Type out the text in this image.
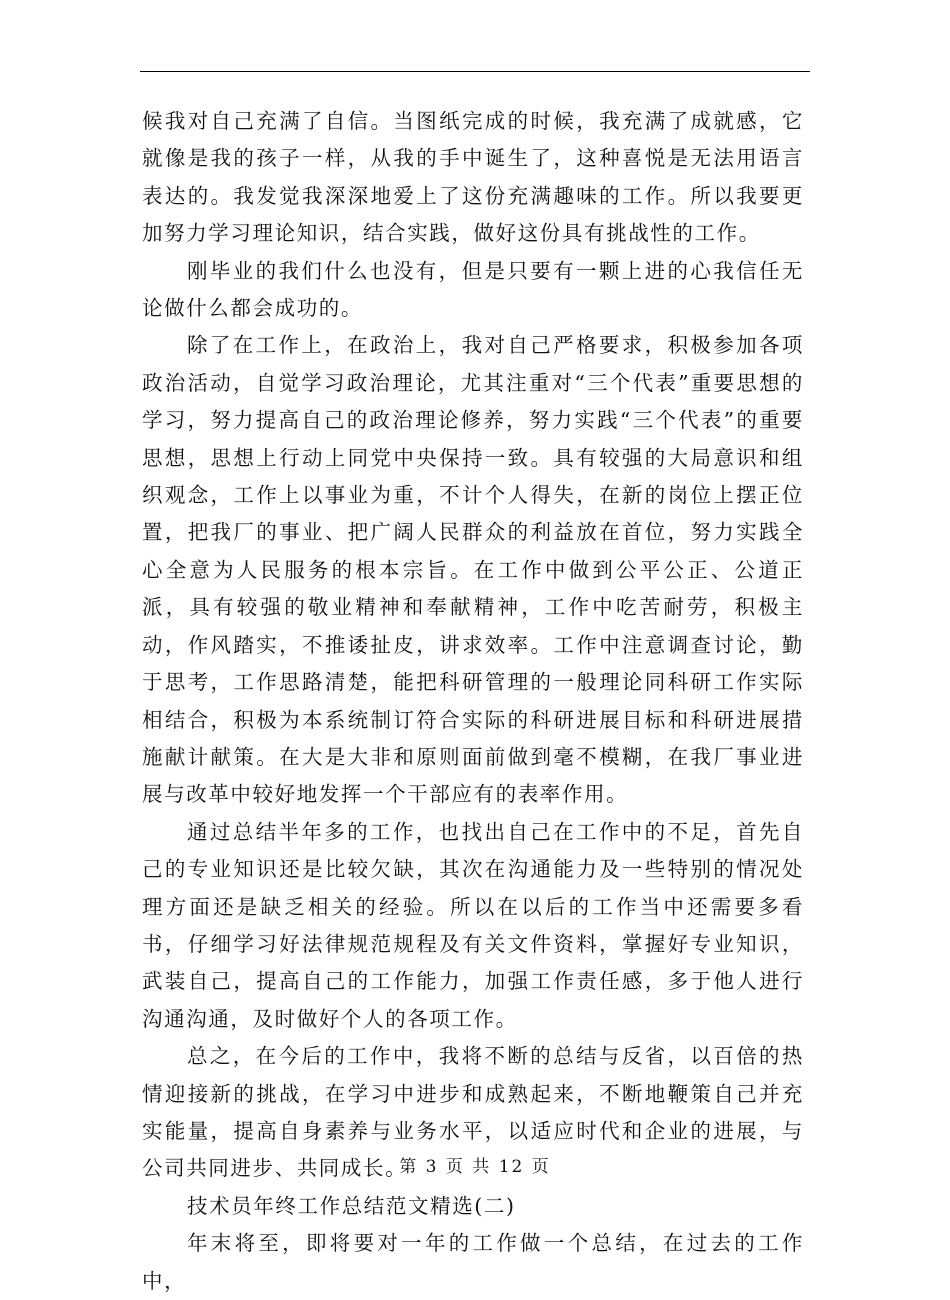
候我对自己充满了自信。当图纸完成的时候，我充满了成就感，它就像是我的孩子一样，从我的手中诞生了，这种喜悦是无法用语言表达的。我发觉我深深地爱上了这份充满趣味的工作。所以我要更加努力学习理论知识，结合实践，做好这份具有挑战性的工作。

刚毕业的我们什么也没有，但是只要有一颗上进的心我信任无论做什么都会成功的。

除了在工作上，在政治上，我对自己严格要求，积极参加各项政治活动，自觉学习政治理论，尤其注重对“三个代表”重要思想的学习，努力提高自己的政治理论修养，努力实践“三个代表”的重要思想，思想上行动上同党中央保持一致。具有较强的大局意识和组织观念，工作上以事业为重，不计个人得失，在新的岗位上摆正位置，把我厂的事业、把广阔人民群众的利益放在首位，努力实践全心全意为人民服务的根本宗旨。在工作中做到公平公正、公道正派，具有较强的敬业精神和奉献精神，工作中吃苦耐劳，积极主动，作风踏实，不推诿扯皮，讲求效率。工作中注意调查讨论，勤于思考，工作思路清楚，能把科研管理的一般理论同科研工作实际相结合，积极为本系统制订符合实际的科研进展目标和科研进展措施献计献策。在大是大非和原则面前做到毫不模糊，在我厂事业进展与改革中较好地发挥一个干部应有的表率作用。

通过总结半年多的工作，也找出自己在工作中的不足，首先自己的专业知识还是比较欠缺，其次在沟通能力及一些特别的情况处理方面还是缺乏相关的经验。所以在以后的工作当中还需要多看书，仔细学习好法律规范规程及有关文件资料，掌握好专业知识，武装自己，提高自己的工作能力，加强工作责任感，多于他人进行沟通沟通，及时做好个人的各项工作。

总之，在今后的工作中，我将不断的总结与反省，以百倍的热情迎接新的挑战，在学习中进步和成熟起来，不断地鞭策自己并充实能量，提高自身素养与业务水平，以适应时代和企业的进展，与公司共同进步、共同成长。

技术员年终工作总结范文精选(二)

年末将至，即将要对一年的工作做一个总结，在过去的工作中，

第 3 页 共 12 页
